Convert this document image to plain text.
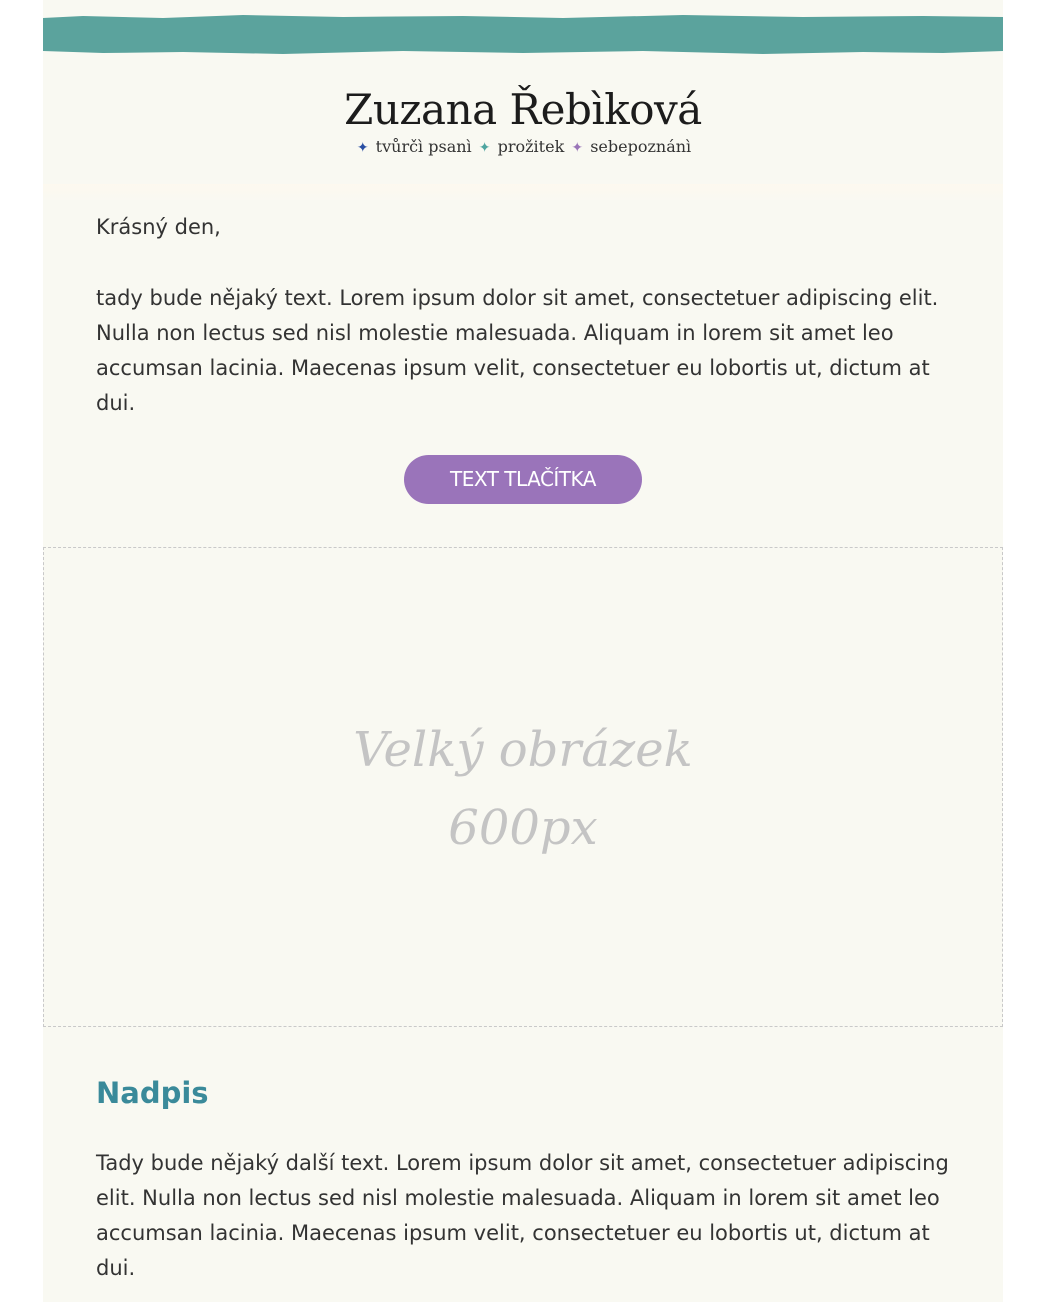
Zuzana Řebìková
✦ tvůrčì psanì ✦ prožitek ✦ sebepoznánì
Krásný den,
tady bude nějaký text. Lorem ipsum dolor sit amet, consectetuer adipiscing elit. Nulla non lectus sed nisl molestie malesuada. Aliquam in lorem sit amet leo accumsan lacinia. Maecenas ipsum velit, consectetuer eu lobortis ut, dictum at dui.
TEXT TLAČÍTKA
Velký obrázek
600px
Nadpis
Tady bude nějaký další text. Lorem ipsum dolor sit amet, consectetuer adipiscing elit. Nulla non lectus sed nisl molestie malesuada. Aliquam in lorem sit amet leo accumsan lacinia. Maecenas ipsum velit, consectetuer eu lobortis ut, dictum at dui.
